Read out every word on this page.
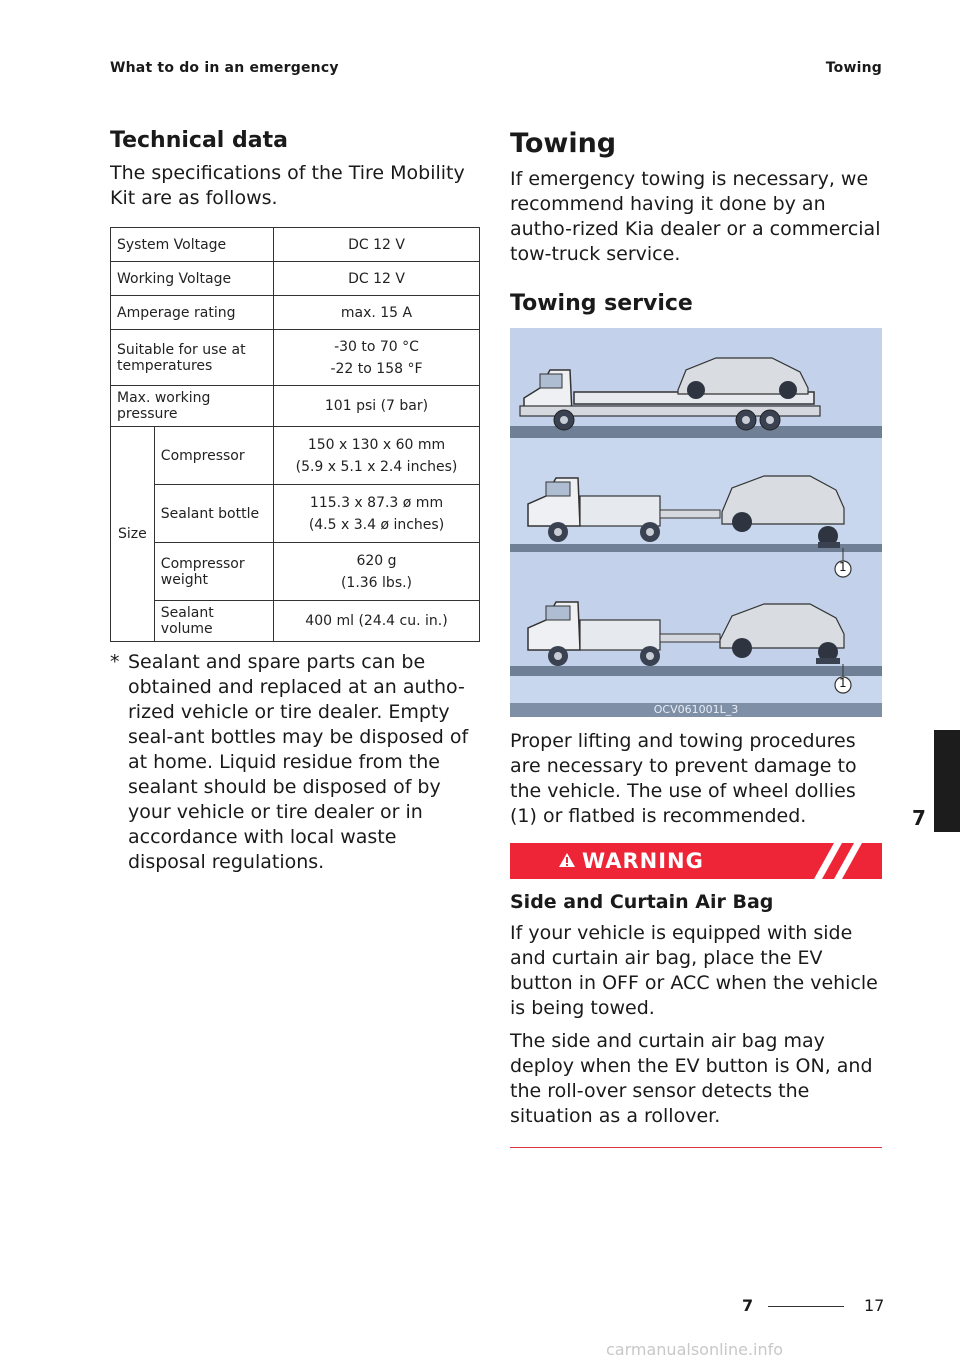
What to do in an emergency	Towing
Technical data

The specifications of the Tire Mobility Kit are as follows.

System Voltage		DC 12 V
Working Voltage		DC 12 V
Amperage rating		max. 15 A
Suitable for use at temperatures		-30 to 70 °C
-22 to 158 °F

Max. working pressure		101 psi (7 bar)
Size	Compressor	150 x 130 x 60 mm
(5.9 x 5.1 x 2.4 inches)

	Sealant bottle	115.3 x 87.3 ø mm
(4.5 x 3.4 ø inches)

	Compressor weight	620 g
(1.36 lbs.)

	Sealant volume	400 ml (24.4 cu. in.)
* Sealant and spare parts can be obtained and replaced at an autho-rized vehicle or tire dealer. Empty seal-ant bottles may be disposed of at home. Liquid residue from the sealant should be disposed of by your vehicle or tire dealer or in accordance with local waste disposal regulations.
Towing

If emergency towing is necessary, we recommend having it done by an autho-rized Kia dealer or a commercial tow-truck service.

Towing service
1
1
OCV061001L_3

Proper lifting and towing procedures are necessary to prevent damage to the vehicle. The use of wheel dollies (1) or flatbed is recommended.

WARNING
Side and Curtain Air Bag

If your vehicle is equipped with side and curtain air bag, place the EV button in OFF or ACC when the vehicle is being towed.

The side and curtain air bag may deploy when the EV button is ON, and the roll-over sensor detects the situation as a rollover.

7
7	17
carmanualsonline.info
